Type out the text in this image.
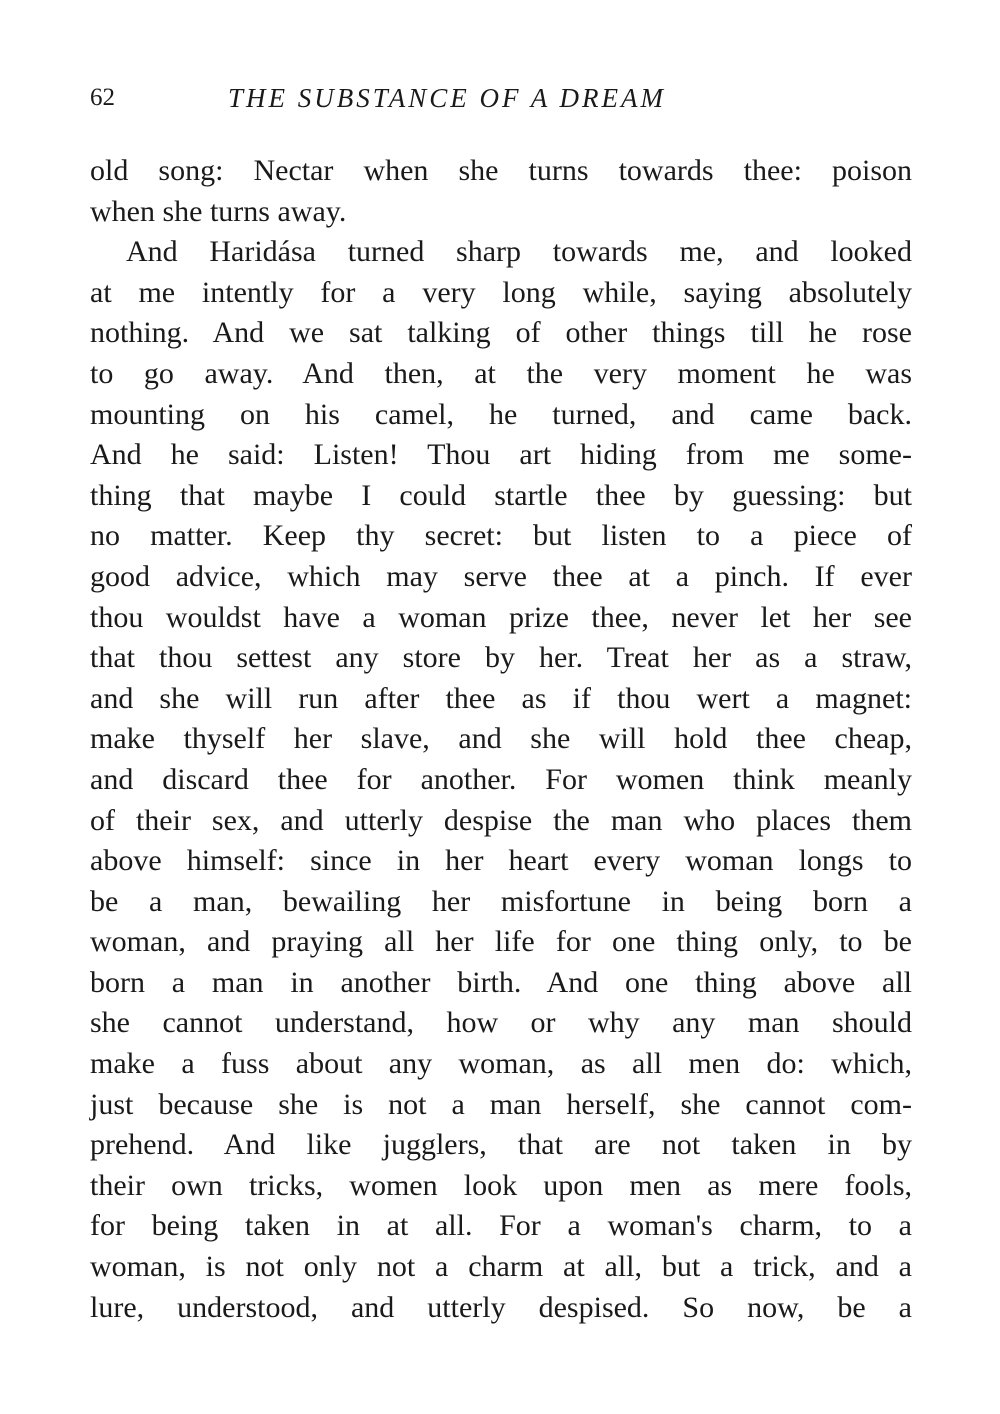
62	THE SUBSTANCE OF A DREAM
old song: Nectar when she turns towards thee: poison
when she turns away.
And Haridása turned sharp towards me, and looked
at me intently for a very long while, saying absolutely
nothing. And we sat talking of other things till he rose
to go away. And then, at the very moment he was
mounting on his camel, he turned, and came back.
And he said: Listen! Thou art hiding from me some-
thing that maybe I could startle thee by guessing: but
no matter. Keep thy secret: but listen to a piece of
good advice, which may serve thee at a pinch. If ever
thou wouldst have a woman prize thee, never let her see
that thou settest any store by her. Treat her as a straw,
and she will run after thee as if thou wert a magnet:
make thyself her slave, and she will hold thee cheap,
and discard thee for another. For women think meanly
of their sex, and utterly despise the man who places them
above himself: since in her heart every woman longs to
be a man, bewailing her misfortune in being born a
woman, and praying all her life for one thing only, to be
born a man in another birth. And one thing above all
she cannot understand, how or why any man should
make a fuss about any woman, as all men do: which,
just because she is not a man herself, she cannot com-
prehend. And like jugglers, that are not taken in by
their own tricks, women look upon men as mere fools,
for being taken in at all. For a woman's charm, to a
woman, is not only not a charm at all, but a trick, and a
lure, understood, and utterly despised. So now, be a
